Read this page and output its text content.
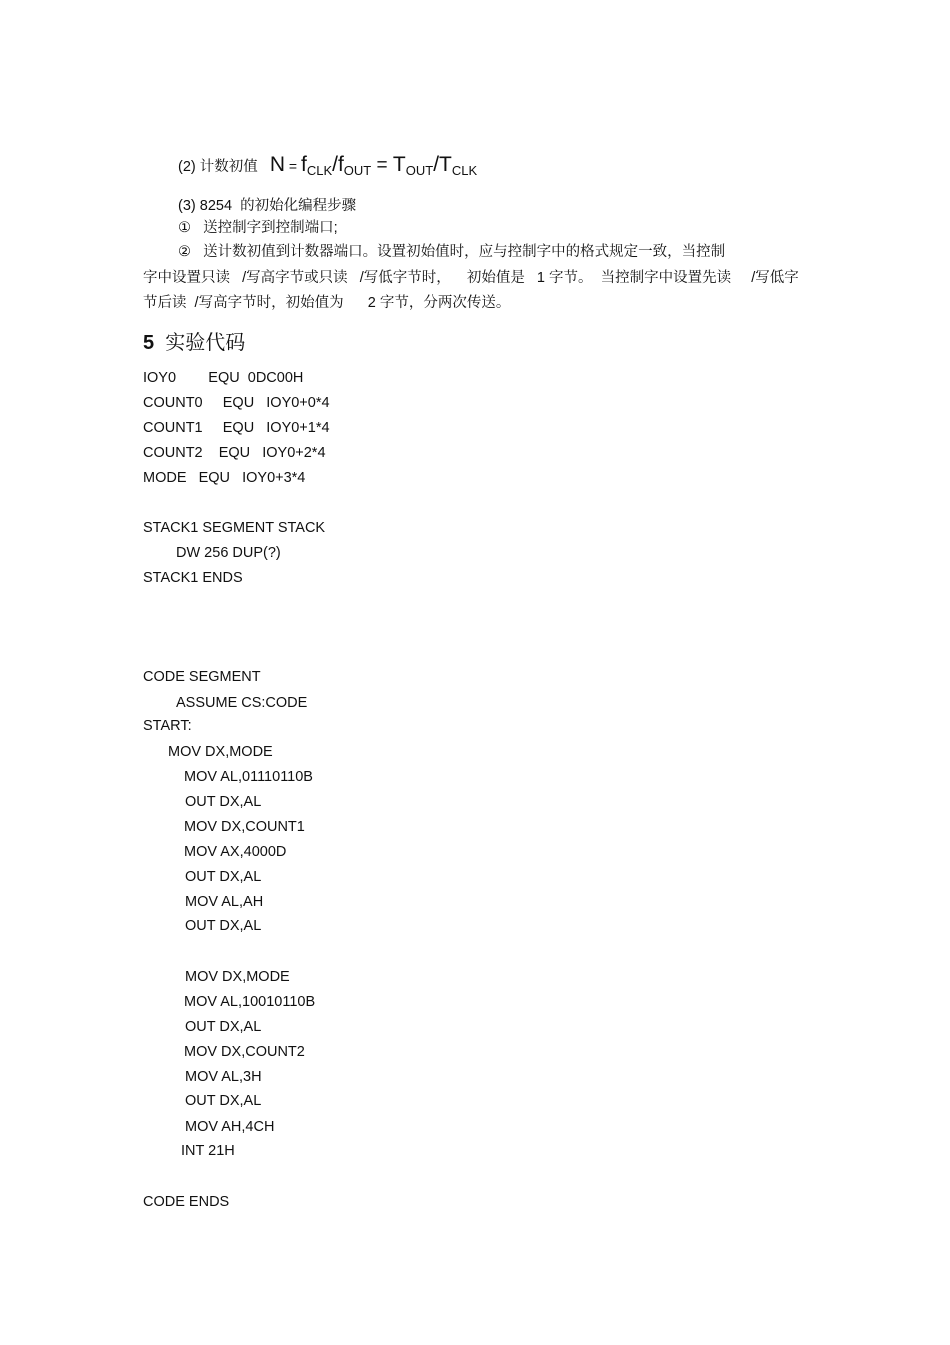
(2) 计数初值 $N = f_{CLK}/f_{OUT} = T_{OUT}/T_{CLK}$
(3) 8254  的初始化编程步骤
①   送控制字到控制端口;
②   送计数初值到计数器端口。设置初始值时，应与控制字中的格式规定一致，当控制
字中设置只读   /写高字节或只读   /写低字节时，    初始值是   1 字节。  当控制字中设置先读     /写低字
节后读  /写高字节时，初始值为      2 字节，分两次传送。
5  实验代码
IOY0        EQU  0DC00H
COUNT0     EQU   IOY0+0*4
COUNT1     EQU   IOY0+1*4
COUNT2    EQU   IOY0+2*4
MODE   EQU   IOY0+3*4
STACK1 SEGMENT STACK
DW 256 DUP(?)
STACK1 ENDS
CODE SEGMENT
ASSUME CS:CODE
START:
MOV DX,MODE
MOV AL,01110110B
OUT DX,AL
MOV DX,COUNT1
MOV AX,4000D
OUT DX,AL
MOV AL,AH
OUT DX,AL
MOV DX,MODE
MOV AL,10010110B
OUT DX,AL
MOV DX,COUNT2
MOV AL,3H
OUT DX,AL
MOV AH,4CH
INT 21H
CODE ENDS
